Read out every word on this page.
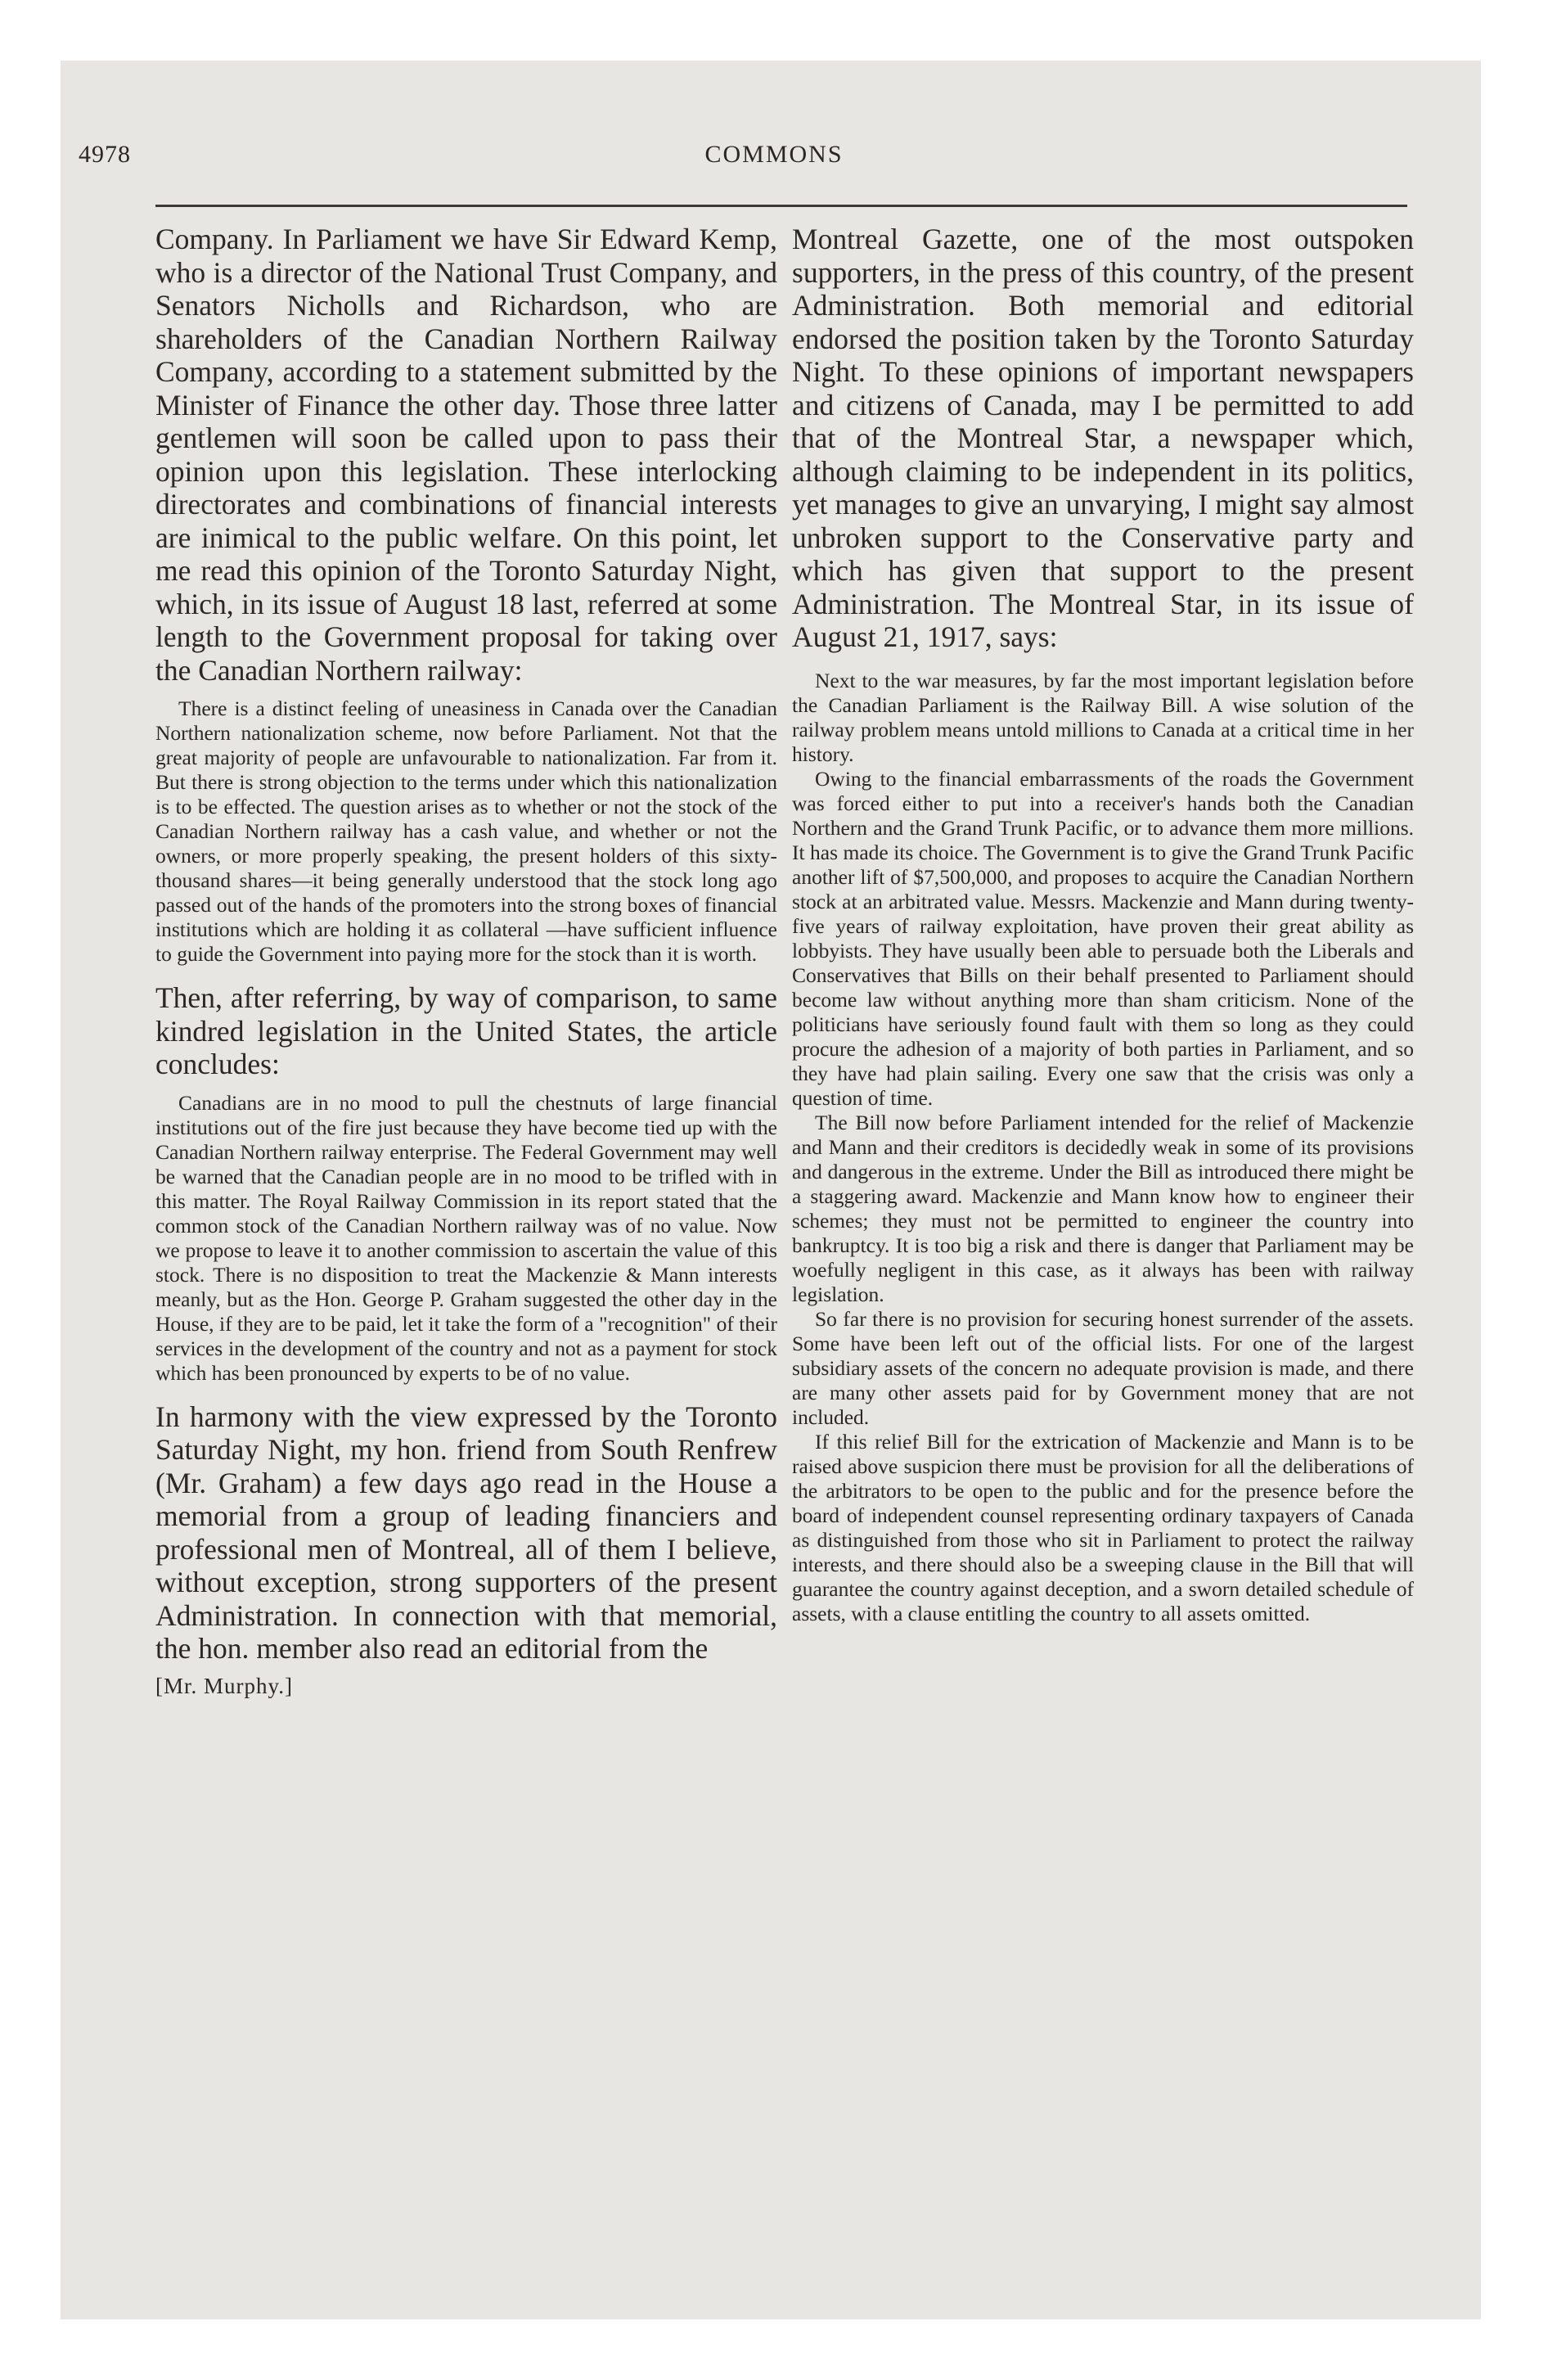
4978	COMMONS

Company. In Parliament we have Sir Edward Kemp, who is a director of the National Trust Company, and Senators Nicholls and Richardson, who are shareholders of the Canadian Northern Railway Company, according to a statement submitted by the Minister of Finance the other day. Those three latter gentlemen will soon be called upon to pass their opinion upon this legislation. These interlocking directorates and combinations of financial interests are inimical to the public welfare. On this point, let me read this opinion of the Toronto Saturday Night, which, in its issue of August 18 last, referred at some length to the Government proposal for taking over the Canadian Northern railway:

There is a distinct feeling of uneasiness in Canada over the Canadian Northern nationalization scheme, now before Parliament. Not that the great majority of people are unfavourable to nationalization. Far from it. But there is strong objection to the terms under which this nationalization is to be effected. The question arises as to whether or not the stock of the Canadian Northern railway has a cash value, and whether or not the owners, or more properly speaking, the present holders of this sixty-thousand shares—it being generally understood that the stock long ago passed out of the hands of the promoters into the strong boxes of financial institutions which are holding it as collateral —have sufficient influence to guide the Government into paying more for the stock than it is worth.

Then, after referring, by way of comparison, to same kindred legislation in the United States, the article concludes:

Canadians are in no mood to pull the chestnuts of large financial institutions out of the fire just because they have become tied up with the Canadian Northern railway enterprise. The Federal Government may well be warned that the Canadian people are in no mood to be trifled with in this matter. The Royal Railway Commission in its report stated that the common stock of the Canadian Northern railway was of no value. Now we propose to leave it to another commission to ascertain the value of this stock. There is no disposition to treat the Mackenzie & Mann interests meanly, but as the Hon. George P. Graham suggested the other day in the House, if they are to be paid, let it take the form of a "recognition" of their services in the development of the country and not as a payment for stock which has been pronounced by experts to be of no value.

In harmony with the view expressed by the Toronto Saturday Night, my hon. friend from South Renfrew (Mr. Graham) a few days ago read in the House a memorial from a group of leading financiers and professional men of Montreal, all of them I believe, without exception, strong supporters of the present Administration. In connection with that memorial, the hon. member also read an editorial from the

[Mr. Murphy.]

Montreal Gazette, one of the most outspoken supporters, in the press of this country, of the present Administration. Both memorial and editorial endorsed the position taken by the Toronto Saturday Night. To these opinions of important newspapers and citizens of Canada, may I be permitted to add that of the Montreal Star, a newspaper which, although claiming to be independent in its politics, yet manages to give an unvarying, I might say almost unbroken support to the Conservative party and which has given that support to the present Administration. The Montreal Star, in its issue of August 21, 1917, says:

Next to the war measures, by far the most important legislation before the Canadian Parliament is the Railway Bill. A wise solution of the railway problem means untold millions to Canada at a critical time in her history.

Owing to the financial embarrassments of the roads the Government was forced either to put into a receiver's hands both the Canadian Northern and the Grand Trunk Pacific, or to advance them more millions. It has made its choice. The Government is to give the Grand Trunk Pacific another lift of $7,500,000, and proposes to acquire the Canadian Northern stock at an arbitrated value. Messrs. Mackenzie and Mann during twenty-five years of railway exploitation, have proven their great ability as lobbyists. They have usually been able to persuade both the Liberals and Conservatives that Bills on their behalf presented to Parliament should become law without anything more than sham criticism. None of the politicians have seriously found fault with them so long as they could procure the adhesion of a majority of both parties in Parliament, and so they have had plain sailing. Every one saw that the crisis was only a question of time.

The Bill now before Parliament intended for the relief of Mackenzie and Mann and their creditors is decidedly weak in some of its provisions and dangerous in the extreme. Under the Bill as introduced there might be a staggering award. Mackenzie and Mann know how to engineer their schemes; they must not be permitted to engineer the country into bankruptcy. It is too big a risk and there is danger that Parliament may be woefully negligent in this case, as it always has been with railway legislation.

So far there is no provision for securing honest surrender of the assets. Some have been left out of the official lists. For one of the largest subsidiary assets of the concern no adequate provision is made, and there are many other assets paid for by Government money that are not included.

If this relief Bill for the extrication of Mackenzie and Mann is to be raised above suspicion there must be provision for all the deliberations of the arbitrators to be open to the public and for the presence before the board of independent counsel representing ordinary taxpayers of Canada as distinguished from those who sit in Parliament to protect the railway interests, and there should also be a sweeping clause in the Bill that will guarantee the country against deception, and a sworn detailed schedule of assets, with a clause entitling the country to all assets omitted.
